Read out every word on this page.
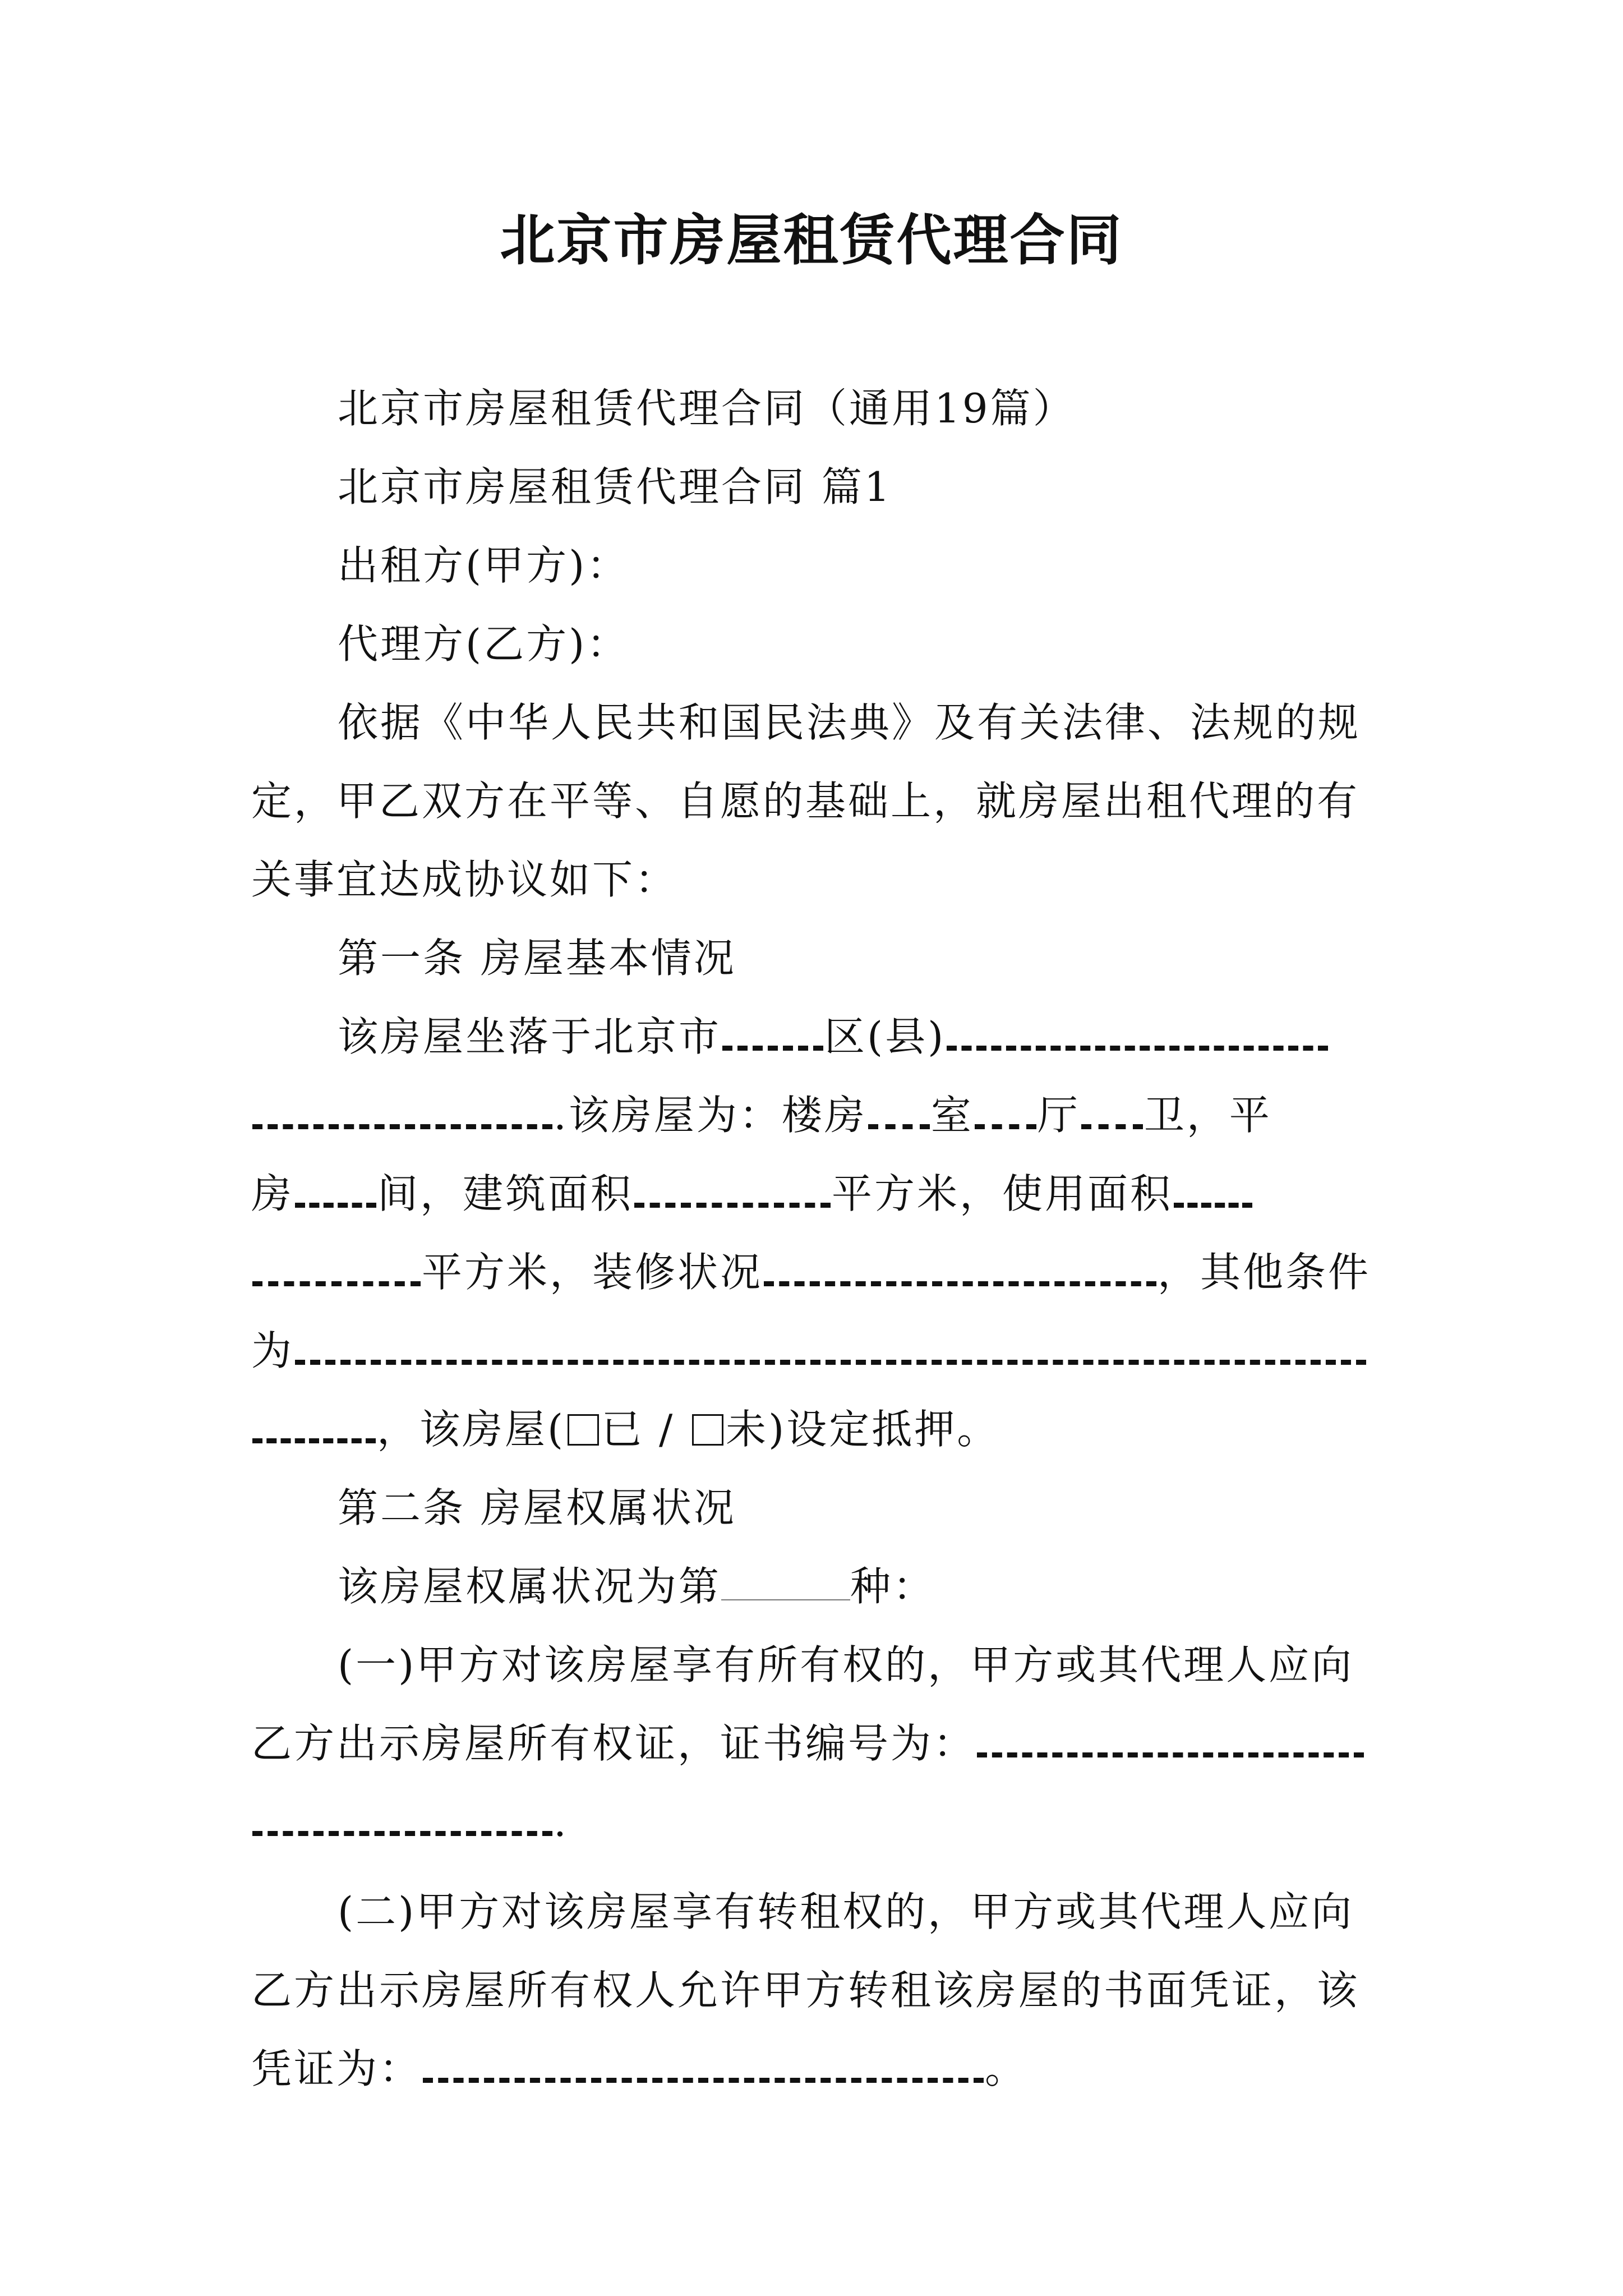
北京市房屋租赁代理合同
北京市房屋租赁代理合同（通用19篇）
北京市房屋租赁代理合同 篇1
出租方(甲方)：
代理方(乙方)：
依据《中华人民共和国民法典》及有关法律、法规的规
定，甲乙双方在平等、自愿的基础上，就房屋出租代理的有
关事宜达成协议如下：
第一条 房屋基本情况
该房屋坐落于北京市	区(县)
.该房屋为：楼房 室 厅 卫，平
房 间，建筑面积	平方米，使用面积
平方米，装修状况	，其他条件
为
，该房屋( 已 / 未)设定抵押。
第二条 房屋权属状况
该房屋权属状况为第	种：
(一)甲方对该房屋享有所有权的，甲方或其代理人应向
乙方出示房屋所有权证，证书编号为：
.
(二)甲方对该房屋享有转租权的，甲方或其代理人应向
乙方出示房屋所有权人允许甲方转租该房屋的书面凭证，该
凭证为：	。
